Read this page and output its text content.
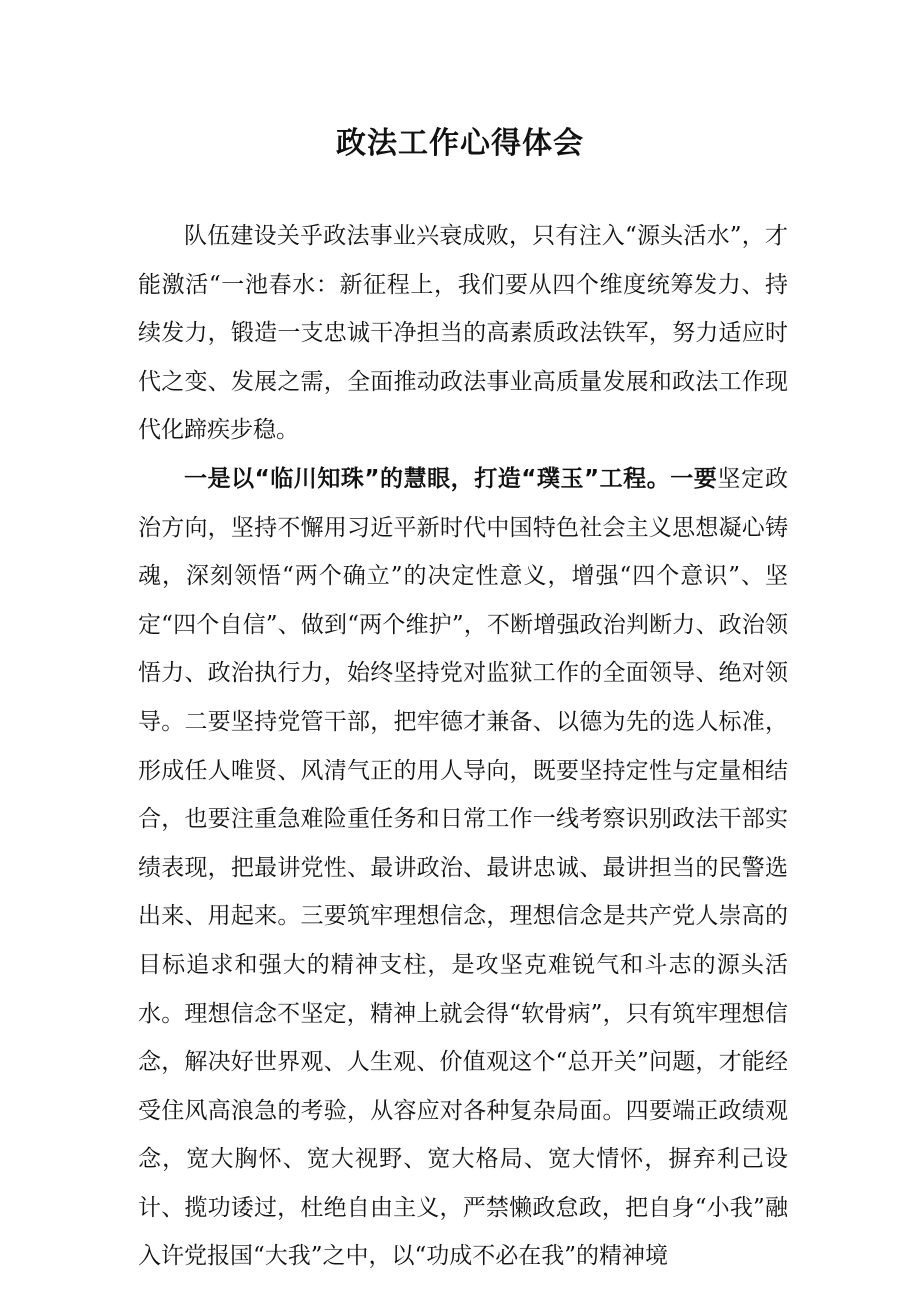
政法工作心得体会

队伍建设关乎政法事业兴衰成败，只有注入“源头活水”，才能激活“一池春水：新征程上，我们要从四个维度统筹发力、持续发力，锻造一支忠诚干净担当的高素质政法铁军，努力适应时代之变、发展之需，全面推动政法事业高质量发展和政法工作现代化蹄疾步稳。

一是以“临川知珠”的慧眼，打造“璞玉”工程。一要坚定政治方向，坚持不懈用习近平新时代中国特色社会主义思想凝心铸魂，深刻领悟“两个确立”的决定性意义，增强“四个意识”、坚定“四个自信”、做到“两个维护”，不断增强政治判断力、政治领悟力、政治执行力，始终坚持党对监狱工作的全面领导、绝对领导。二要坚持党管干部，把牢德才兼备、以德为先的选人标准，形成任人唯贤、风清气正的用人导向，既要坚持定性与定量相结合，也要注重急难险重任务和日常工作一线考察识别政法干部实绩表现，把最讲党性、最讲政治、最讲忠诚、最讲担当的民警选出来、用起来。三要筑牢理想信念，理想信念是共产党人崇高的目标追求和强大的精神支柱，是攻坚克难锐气和斗志的源头活水。理想信念不坚定，精神上就会得“软骨病”，只有筑牢理想信念，解决好世界观、人生观、价值观这个“总开关”问题，才能经受住风高浪急的考验，从容应对各种复杂局面。四要端正政绩观念，宽大胸怀、宽大视野、宽大格局、宽大情怀，摒弃利己设计、揽功诿过，杜绝自由主义，严禁懒政怠政，把自身“小我”融入许党报国“大我”之中，以“功成不必在我”的精神境
